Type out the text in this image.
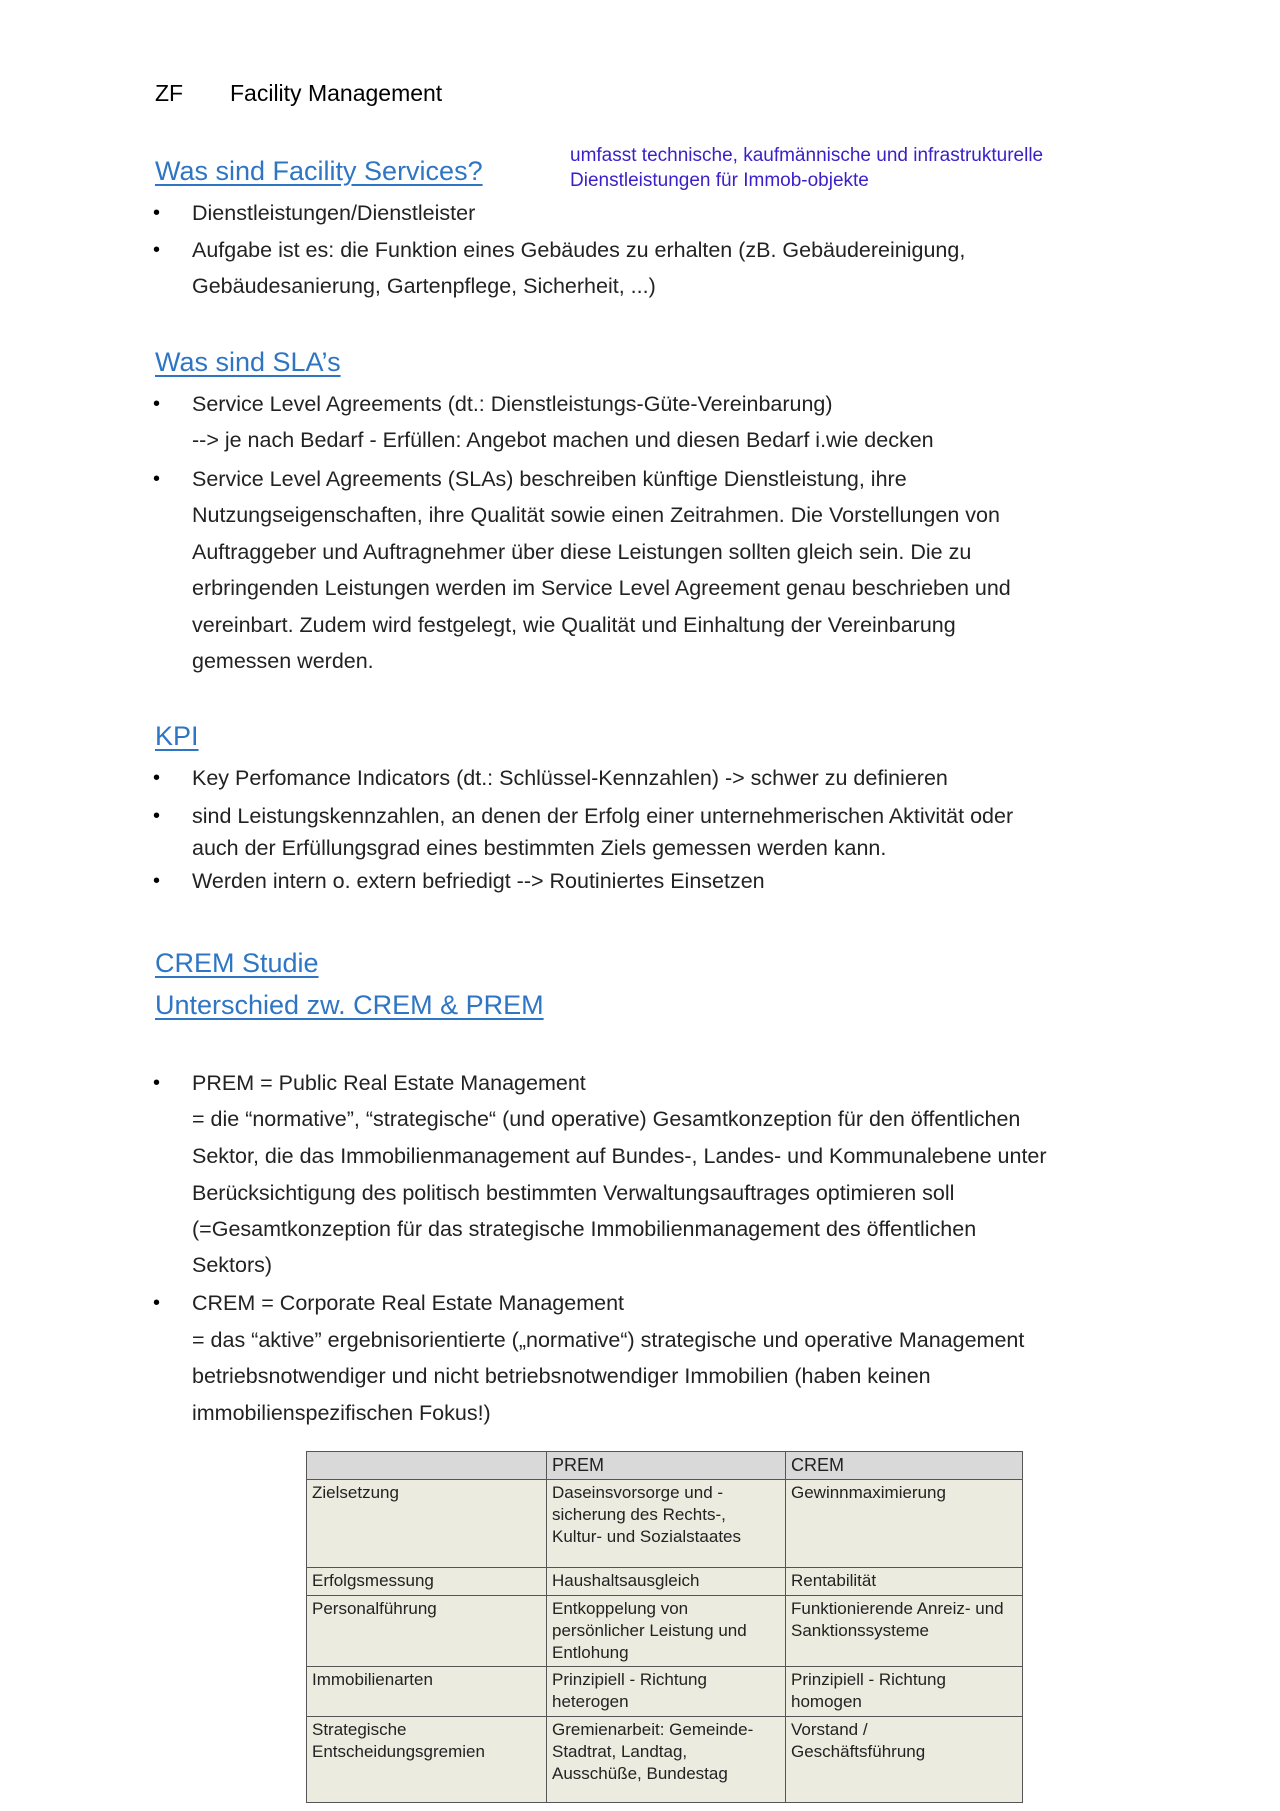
ZF Facility Management
Was sind Facility Services?
umfasst technische, kaufmännische und infrastrukturelle
Dienstleistungen für Immob-objekte
• Dienstleistungen/Dienstleister
• Aufgabe ist es: die Funktion eines Gebäudes zu erhalten (zB. Gebäudereinigung,
Gebäudesanierung, Gartenpflege, Sicherheit, ...)
Was sind SLA’s
• Service Level Agreements (dt.: Dienstleistungs-Güte-Vereinbarung)
--> je nach Bedarf - Erfüllen: Angebot machen und diesen Bedarf i.wie decken
• Service Level Agreements (SLAs) beschreiben künftige Dienstleistung, ihre
Nutzungseigenschaften, ihre Qualität sowie einen Zeitrahmen. Die Vorstellungen von
Auftraggeber und Auftragnehmer über diese Leistungen sollten gleich sein. Die zu
erbringenden Leistungen werden im Service Level Agreement genau beschrieben und
vereinbart. Zudem wird festgelegt, wie Qualität und Einhaltung der Vereinbarung
gemessen werden.
KPI
• Key Perfomance Indicators (dt.: Schlüssel-Kennzahlen) -> schwer zu definieren
• sind Leistungskennzahlen, an denen der Erfolg einer unternehmerischen Aktivität oder
auch der Erfüllungsgrad eines bestimmten Ziels gemessen werden kann.
• Werden intern o. extern befriedigt --> Routiniertes Einsetzen
CREM Studie
Unterschied zw. CREM & PREM
• PREM = Public Real Estate Management
= die “normative”, “strategische“ (und operative) Gesamtkonzeption für den öffentlichen
Sektor, die das Immobilienmanagement auf Bundes-, Landes- und Kommunalebene unter
Berücksichtigung des politisch bestimmten Verwaltungsauftrages optimieren soll
(=Gesamtkonzeption für das strategische Immobilienmanagement des öffentlichen
Sektors)
• CREM = Corporate Real Estate Management
= das “aktive” ergebnisorientierte („normative“) strategische und operative Management
betriebsnotwendiger und nicht betriebsnotwendiger Immobilien (haben keinen
immobilienspezifischen Fokus!)
	PREM	CREM
Zielsetzung	Daseinsvorsorge und -
sicherung des Rechts-,
Kultur- und Sozialstaates	Gewinnmaximierung
Erfolgsmessung	Haushaltsausgleich	Rentabilität
Personalführung	Entkoppelung von
persönlicher Leistung und
Entlohung	Funktionierende Anreiz- und
Sanktionssysteme
Immobilienarten	Prinzipiell - Richtung
heterogen	Prinzipiell - Richtung
homogen
Strategische
Entscheidungsgremien	Gremienarbeit: Gemeinde-
Stadtrat, Landtag,
Ausschüße, Bundestag	Vorstand /
Geschäftsführung
